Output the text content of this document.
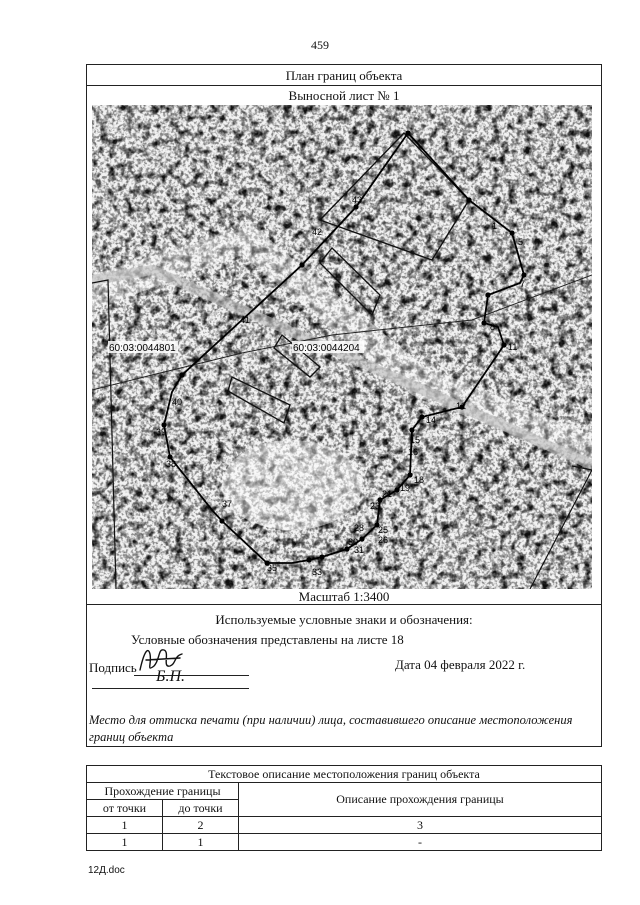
459
План границ объекта
Выносной лист № 1
1
5
7
8
11
12
14
15
16
18
19
21
23
25
26
28
30
31
33
35
37
38
39
40
41
42
43
60:03:0044801	60:03:0044204
Масштаб 1:3400
Используемые условные знаки и обозначения:
Условные обозначения представлены на листе 18
Подпись
Б.П.
Дата 04 февраля 2022 г.
Место для оттиска печати (при наличии) лица, составившего описание местоположения границ объекта
Текстовое описание местоположения границ объекта		
Прохождение границы		Описание прохождения границы
от точки	до точки	
1	2	3
1	1	-
12Д.doc
